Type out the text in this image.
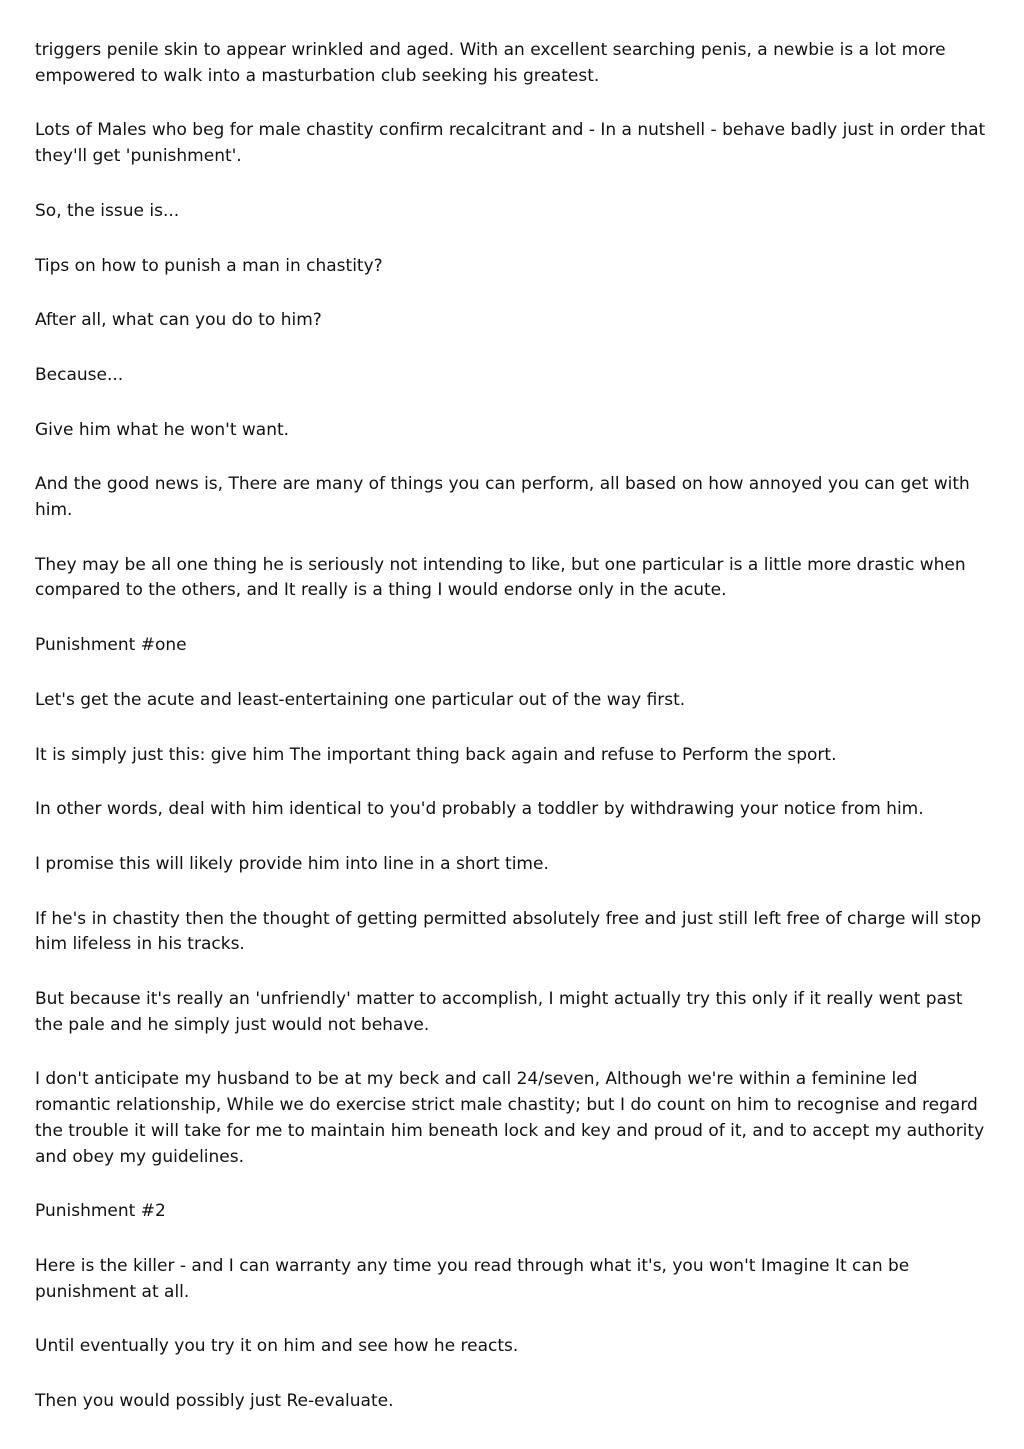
triggers penile skin to appear wrinkled and aged. With an excellent searching penis, a newbie is a lot more empowered to walk into a masturbation club seeking his greatest.

Lots of Males who beg for male chastity confirm recalcitrant and - In a nutshell - behave badly just in order that they'll get 'punishment'.

So, the issue is...

Tips on how to punish a man in chastity?

After all, what can you do to him?

Because...

Give him what he won't want.

And the good news is, There are many of things you can perform, all based on how annoyed you can get with him.

They may be all one thing he is seriously not intending to like, but one particular is a little more drastic when compared to the others, and It really is a thing I would endorse only in the acute.

Punishment #one

Let's get the acute and least-entertaining one particular out of the way first.

It is simply just this: give him The important thing back again and refuse to Perform the sport.

In other words, deal with him identical to you'd probably a toddler by withdrawing your notice from him.

I promise this will likely provide him into line in a short time.

If he's in chastity then the thought of getting permitted absolutely free and just still left free of charge will stop him lifeless in his tracks.

But because it's really an 'unfriendly' matter to accomplish, I might actually try this only if it really went past the pale and he simply just would not behave.

I don't anticipate my husband to be at my beck and call 24/seven, Although we're within a feminine led romantic relationship, While we do exercise strict male chastity; but I do count on him to recognise and regard the trouble it will take for me to maintain him beneath lock and key and proud of it, and to accept my authority and obey my guidelines.

Punishment #2

Here is the killer - and I can warranty any time you read through what it's, you won't Imagine It can be punishment at all.

Until eventually you try it on him and see how he reacts.

Then you would possibly just Re-evaluate.
